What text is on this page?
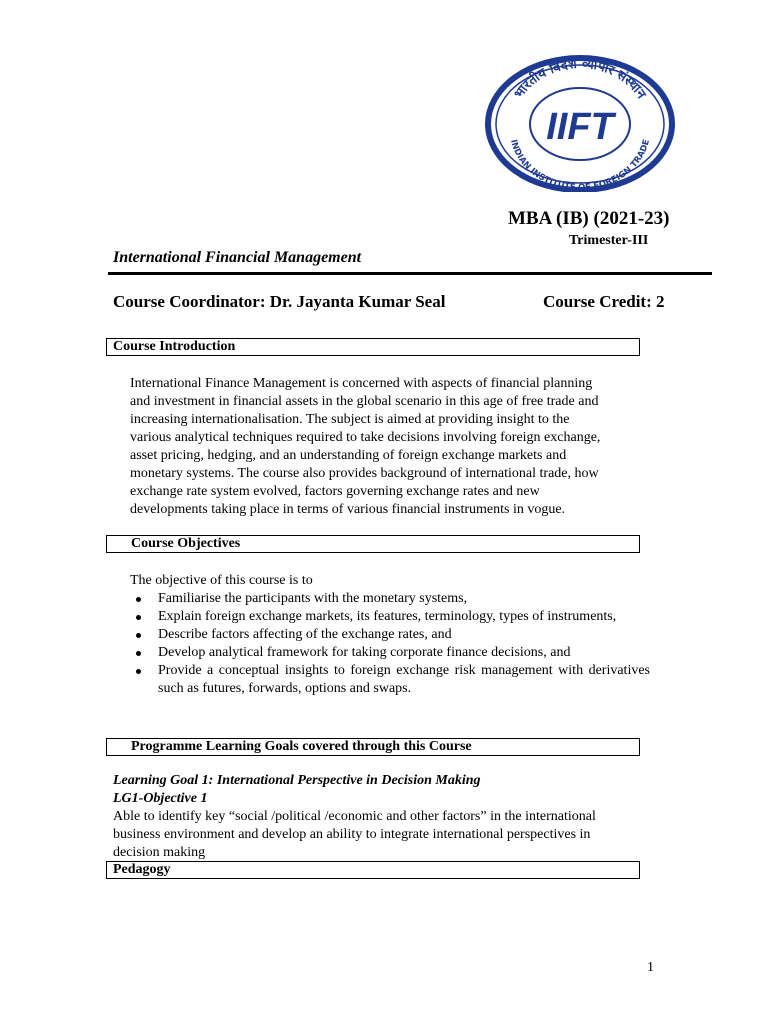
भारतीय विदेश व्यापार संस्थान
INDIAN INSTITUTE OF FOREIGN TRADE
IIFT
MBA (IB) (2021-23)
Trimester-III
International Financial Management
Course Coordinator: Dr. Jayanta Kumar Seal	Course Credit: 2
Course Introduction

International Finance Management is concerned with aspects of financial planning

and investment in financial assets in the global scenario in this age of free trade and

increasing internationalisation. The subject is aimed at providing insight to the

various analytical techniques required to take decisions involving foreign exchange,

asset pricing, hedging, and an understanding of foreign exchange markets and

monetary systems. The course also provides background of international trade, how

exchange rate system evolved, factors governing exchange rates and new

developments taking place in terms of various financial instruments in vogue.

Course Objectives
The objective of this course is to
Familiarise the participants with the monetary systems,
Explain foreign exchange markets, its features, terminology, types of instruments,
Describe factors affecting of the exchange rates, and
Develop analytical framework for taking corporate finance decisions, and
Provide a conceptual insights to foreign exchange risk management with derivatives such as futures, forwards, options and swaps.
Programme Learning Goals covered through this Course
Learning Goal 1: International Perspective in Decision Making
LG1-Objective 1
Able to identify key “social /political /economic and other factors” in the international
business environment and develop an ability to integrate international perspectives in
decision making
Pedagogy
1
